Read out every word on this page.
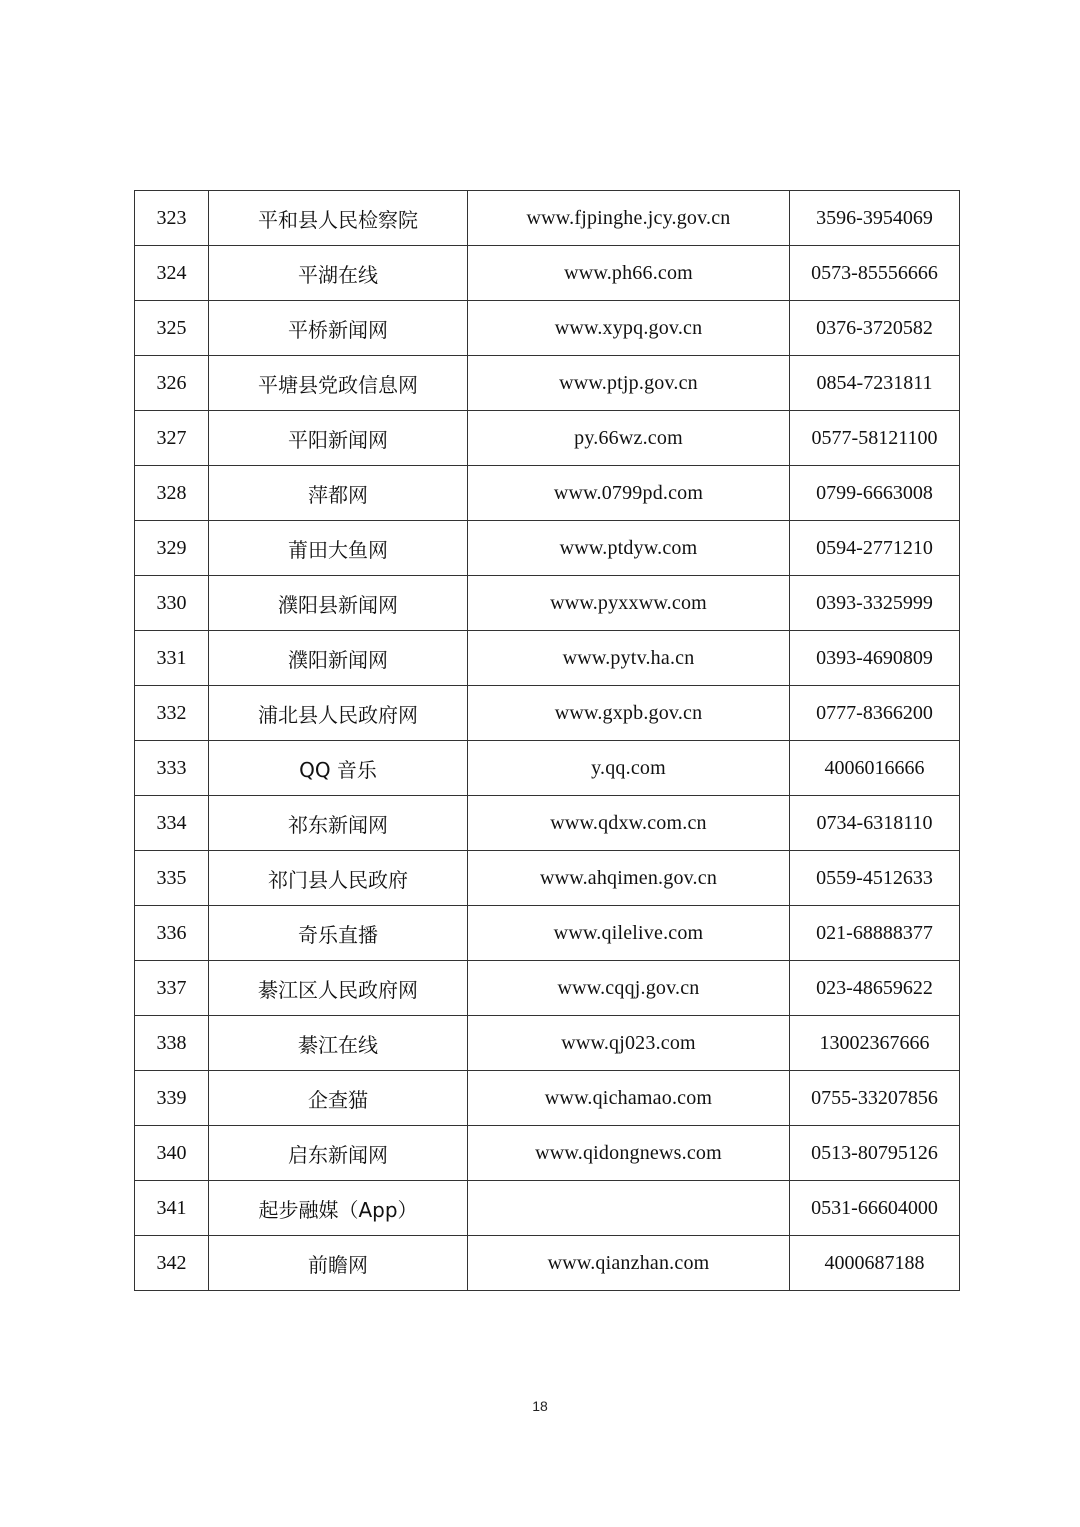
323	平和县人民检察院	www.fjpinghe.jcy.gov.cn	3596-3954069
324	平湖在线	www.ph66.com	0573-85556666
325	平桥新闻网	www.xypq.gov.cn	0376-3720582
326	平塘县党政信息网	www.ptjp.gov.cn	0854-7231811
327	平阳新闻网	py.66wz.com	0577-58121100
328	萍都网	www.0799pd.com	0799-6663008
329	莆田大鱼网	www.ptdyw.com	0594-2771210
330	濮阳县新闻网	www.pyxxww.com	0393-3325999
331	濮阳新闻网	www.pytv.ha.cn	0393-4690809
332	浦北县人民政府网	www.gxpb.gov.cn	0777-8366200
333	QQ 音乐	y.qq.com	4006016666
334	祁东新闻网	www.qdxw.com.cn	0734-6318110
335	祁门县人民政府	www.ahqimen.gov.cn	0559-4512633
336	奇乐直播	www.qilelive.com	021-68888377
337	綦江区人民政府网	www.cqqj.gov.cn	023-48659622
338	綦江在线	www.qj023.com	13002367666
339	企查猫	www.qichamao.com	0755-33207856
340	启东新闻网	www.qidongnews.com	0513-80795126
341	起步融媒（App）		0531-66604000
342	前瞻网	www.qianzhan.com	4000687188
18
